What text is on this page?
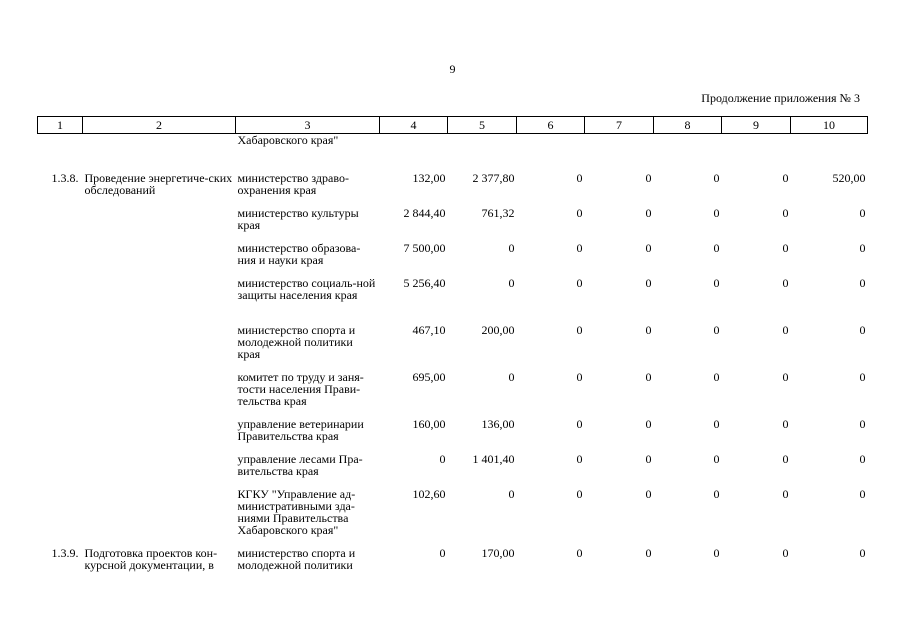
9
Продолжение приложения № 3
1	2	3	4	5	6	7	8	9	10
		Хабаровского края"							

1.3.8.	Проведение энергетиче-ских обследований	министерство здраво-охранения края	132,00	2 377,80	0	0	0	0	520,00
		министерство культуры края	2 844,40	761,32	0	0	0	0	0
		министерство образова-ния и науки края	7 500,00	0	0	0	0	0	0
		министерство социаль-ной защиты населения края	5 256,40	0	0	0	0	0	0
		министерство спорта и молодежной политики края	467,10	200,00	0	0	0	0	0
		комитет по труду и заня-тости населения Прави-тельства края	695,00	0	0	0	0	0	0
		управление ветеринарии Правительства края	160,00	136,00	0	0	0	0	0
		управление лесами Пра-вительства края	0	1 401,40	0	0	0	0	0
		КГКУ "Управление ад-министративными зда-ниями Правительства Хабаровского края"	102,60	0	0	0	0	0	0
1.3.9.	Подготовка проектов кон-курсной документации, в	министерство спорта и молодежной политики	0	170,00	0	0	0	0	0
